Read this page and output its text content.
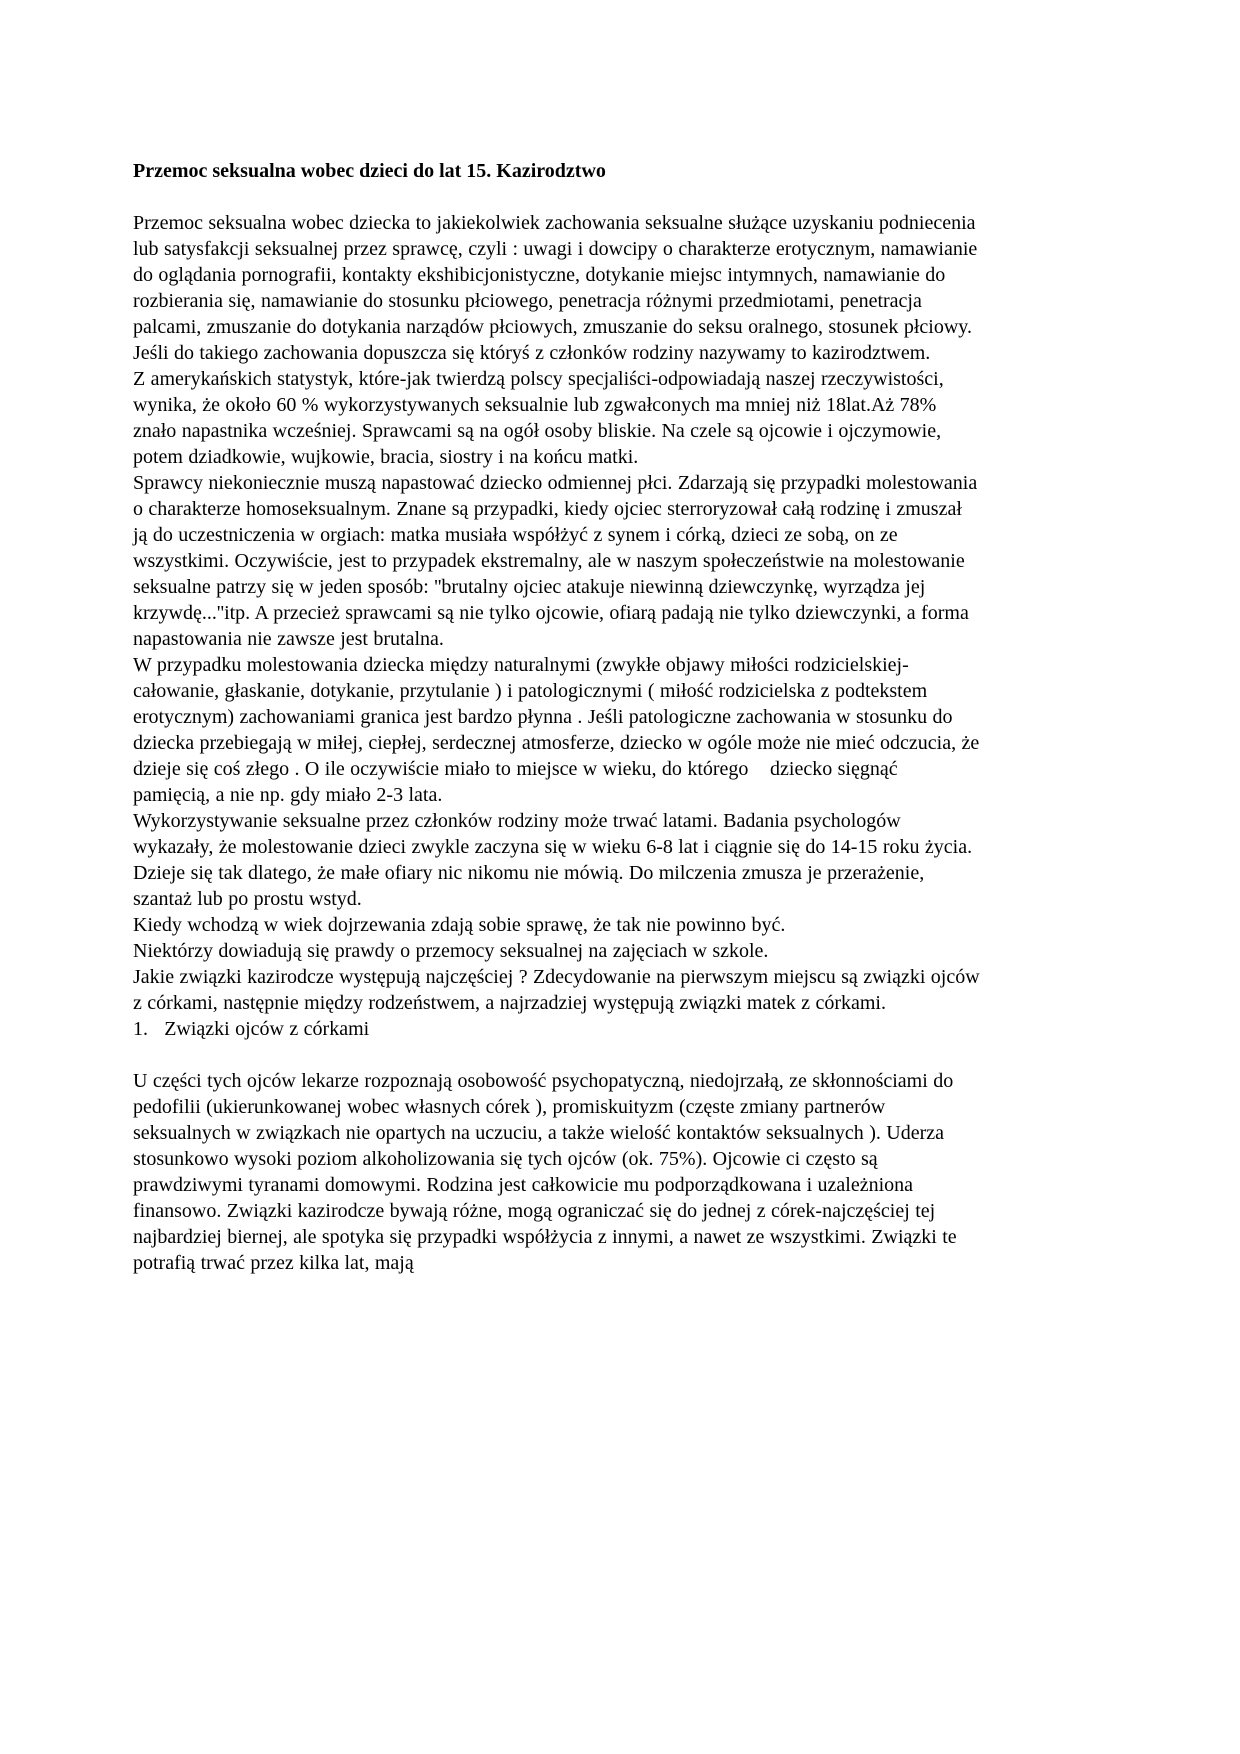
Przemoc seksualna wobec dzieci do lat 15. Kazirodztwo

Przemoc seksualna wobec dziecka to jakiekolwiek zachowania seksualne służące uzyskaniu podniecenia lub satysfakcji seksualnej przez sprawcę, czyli : uwagi i dowcipy o charakterze erotycznym, namawianie do oglądania pornografii, kontakty ekshibicjonistyczne, dotykanie miejsc intymnych, namawianie do rozbierania się, namawianie do stosunku płciowego, penetracja różnymi przedmiotami, penetracja palcami, zmuszanie do dotykania narządów płciowych, zmuszanie do seksu oralnego, stosunek płciowy.

Jeśli do takiego zachowania dopuszcza się któryś z członków rodziny nazywamy to kazirodztwem.

Z amerykańskich statystyk, które-jak twierdzą polscy specjaliści-odpowiadają naszej rzeczywistości, wynika, że około 60 % wykorzystywanych seksualnie lub zgwałconych ma mniej niż 18lat.Aż 78% znało napastnika wcześniej. Sprawcami są na ogół osoby bliskie. Na czele są ojcowie i ojczymowie, potem dziadkowie, wujkowie, bracia, siostry i na końcu matki.

Sprawcy niekoniecznie muszą napastować dziecko odmiennej płci. Zdarzają się przypadki molestowania o charakterze homoseksualnym. Znane są przypadki, kiedy ojciec sterroryzował całą rodzinę i zmuszał ją do uczestniczenia w orgiach: matka musiała współżyć z synem i córką, dzieci ze sobą, on ze wszystkimi. Oczywiście, jest to przypadek ekstremalny, ale w naszym społeczeństwie na molestowanie seksualne patrzy się w jeden sposób: ''brutalny ojciec atakuje niewinną dziewczynkę, wyrządza jej krzywdę...''itp. A przecież sprawcami są nie tylko ojcowie, ofiarą padają nie tylko dziewczynki, a forma napastowania nie zawsze jest brutalna.

W przypadku molestowania dziecka między naturalnymi (zwykłe objawy miłości rodzicielskiej-całowanie, głaskanie, dotykanie, przytulanie ) i patologicznymi ( miłość rodzicielska z podtekstem erotycznym) zachowaniami granica jest bardzo płynna . Jeśli patologiczne zachowania w stosunku do dziecka przebiegają w miłej, ciepłej, serdecznej atmosferze, dziecko w ogóle może nie mieć odczucia, że dzieje się coś złego . O ile oczywiście miało to miejsce w wieku, do którego    dziecko sięgnąć pamięcią, a nie np. gdy miało 2-3 lata.

Wykorzystywanie seksualne przez członków rodziny może trwać latami. Badania psychologów wykazały, że molestowanie dzieci zwykle zaczyna się w wieku 6-8 lat i ciągnie się do 14-15 roku życia. Dzieje się tak dlatego, że małe ofiary nic nikomu nie mówią. Do milczenia zmusza je przerażenie, szantaż lub po prostu wstyd.

Kiedy wchodzą w wiek dojrzewania zdają sobie sprawę, że tak nie powinno być.

Niektórzy dowiadują się prawdy o przemocy seksualnej na zajęciach w szkole.

Jakie związki kazirodcze występują najczęściej ? Zdecydowanie na pierwszym miejscu są związki ojców z córkami, następnie między rodzeństwem, a najrzadziej występują związki matek z córkami.

1.   Związki ojców z córkami

U części tych ojców lekarze rozpoznają osobowość psychopatyczną, niedojrzałą, ze skłonnościami do pedofilii (ukierunkowanej wobec własnych córek ), promiskuityzm (częste zmiany partnerów seksualnych w związkach nie opartych na uczuciu, a także wielość kontaktów seksualnych ). Uderza stosunkowo wysoki poziom alkoholizowania się tych ojców (ok. 75%). Ojcowie ci często są prawdziwymi tyranami domowymi. Rodzina jest całkowicie mu podporządkowana i uzależniona finansowo. Związki kazirodcze bywają różne, mogą ograniczać się do jednej z córek-najczęściej tej najbardziej biernej, ale spotyka się przypadki współżycia z innymi, a nawet ze wszystkimi. Związki te potrafią trwać przez kilka lat, mają
